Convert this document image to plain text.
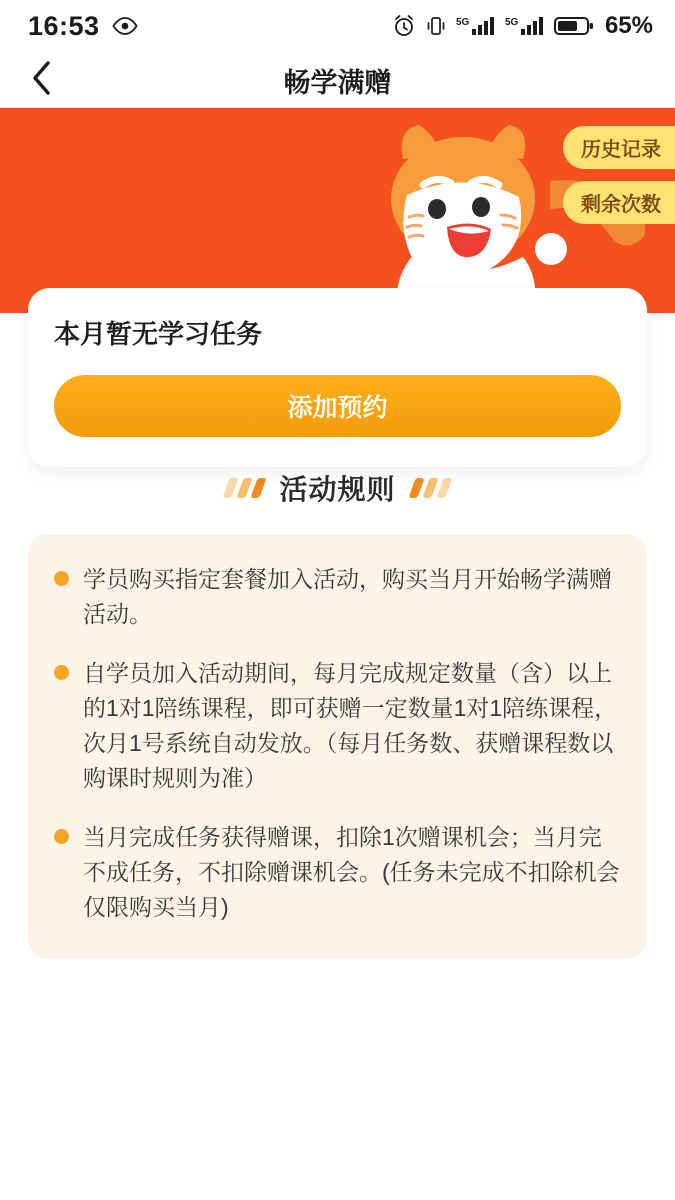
16:53	5G	5G	65%
畅学满赠
历史记录
剩余次数
本月暂无学习任务
添加预约
活动规则
学员购买指定套餐加入活动，购买当月开始畅学满赠活动。
自学员加入活动期间，每月完成规定数量（含）以上的1对1陪练课程，即可获赠一定数量1对1陪练课程，次月1号系统自动发放。（每月任务数、获赠课程数以购课时规则为准）
当月完成任务获得赠课，扣除1次赠课机会；当月完不成任务，不扣除赠课机会。(任务未完成不扣除机会仅限购买当月)
